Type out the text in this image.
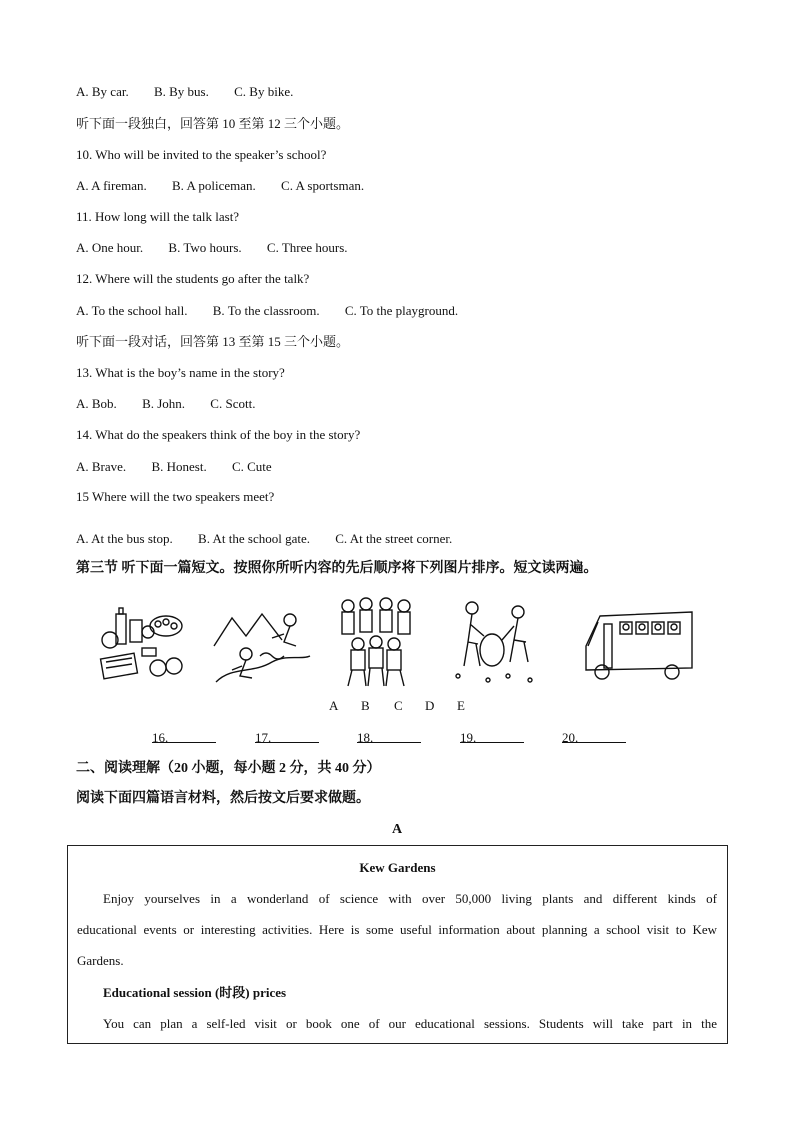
A. By car. B. By bus. C. By bike.
听下面一段独白，回答第 10 至第 12 三个小题。
10. Who will be invited to the speaker’s school?
A. A fireman. B. A policeman. C. A sportsman.
11. How long will the talk last?
A. One hour. B. Two hours. C. Three hours.
12. Where will the students go after the talk?
A. To the school hall. B. To the classroom. C. To the playground.
听下面一段对话，回答第 13 至第 15 三个小题。
13. What is the boy’s name in the story?
A. Bob. B. John. C. Scott.
14. What do the speakers think of the boy in the story?
A. Brave. B. Honest. C. Cute
15 Where will the two speakers meet?
A. At the bus stop. B. At the school gate. C. At the street corner.
第三节 听下面一篇短文。按照你所听内容的先后顺序将下列图片排序。短文读两遍。
A B C D E
16.	17.	18.	19.	20.
二、阅读理解（20 小题，每小题 2 分，共 40 分）
阅读下面四篇语言材料，然后按文后要求做题。
A
Kew Gardens
Enjoy yourselves in a wonderland of science with over 50,000 living plants and different kinds of
educational events or interesting activities. Here is some useful information about planning a school visit to Kew
Gardens.
Educational session (时段) prices
You can plan a self-led visit or book one of our educational sessions. Students will take part in the
